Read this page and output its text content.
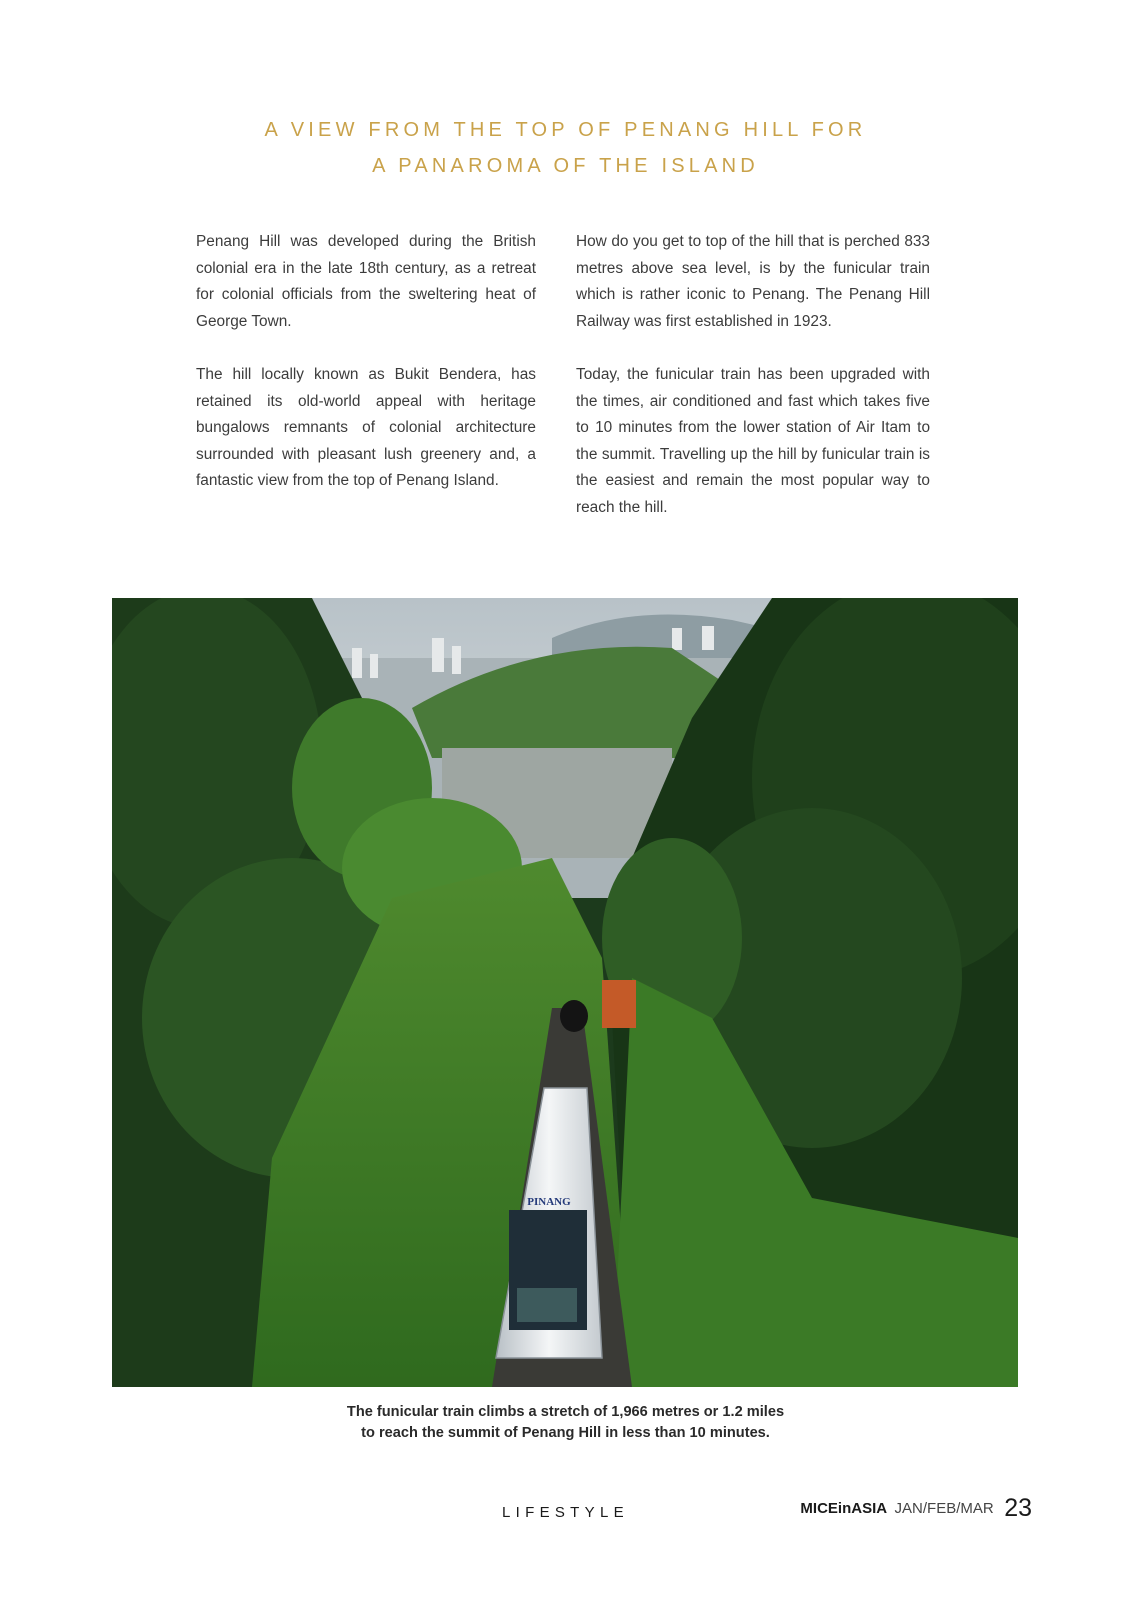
A VIEW FROM THE TOP OF PENANG HILL FOR
A PANAROMA OF THE ISLAND

Penang Hill was developed during the British colonial era in the late 18th century, as a retreat for colonial officials from the sweltering heat of George Town.

The hill locally known as Bukit Bendera, has retained its old-world appeal with heritage bungalows remnants of colonial architecture surrounded with pleasant lush greenery and, a fantastic view from the top of Penang Island.

How do you get to top of the hill that is perched 833 metres above sea level, is by the funicular train which is rather iconic to Penang. The Penang Hill Railway was first established in 1923.

Today, the funicular train has been upgraded with the times, air conditioned and fast which takes five to 10 minutes from the lower station of Air Itam to the summit. Travelling up the hill by funicular train is the easiest and remain the most popular way to reach the hill.

PINANG
The funicular train climbs a stretch of 1,966 metres or 1.2 miles
to reach the summit of Penang Hill in less than 10 minutes.
LIFESTYLE	MICEinASIA JAN/FEB/MAR 23
